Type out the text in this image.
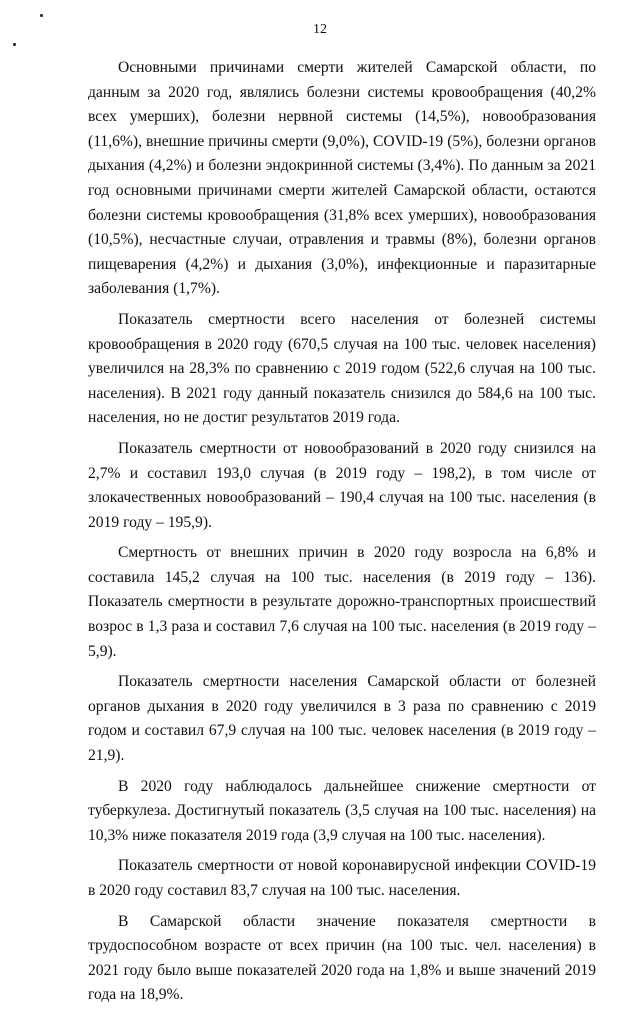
12

Основными причинами смерти жителей Самарской области, по данным за 2020 год, являлись болезни системы кровообращения (40,2% всех умерших), болезни нервной системы (14,5%), новообразования (11,6%), внешние причины смерти (9,0%), COVID-19 (5%), болезни органов дыхания (4,2%) и болезни эндокринной системы (3,4%). По данным за 2021 год основными причинами смерти жителей Самарской области, остаются болезни системы кровообращения (31,8% всех умерших), новообразования (10,5%), несчастные случаи, отравления и травмы (8%), болезни органов пищеварения (4,2%) и дыхания (3,0%), инфекционные и паразитарные заболевания (1,7%).

Показатель смертности всего населения от болезней системы кровообращения в 2020 году (670,5 случая на 100 тыс. человек населения) увеличился на 28,3% по сравнению с 2019 годом (522,6 случая на 100 тыс. населения). В 2021 году данный показатель снизился до 584,6 на 100 тыс. населения, но не достиг результатов 2019 года.

Показатель смертности от новообразований в 2020 году снизился на 2,7% и составил 193,0 случая (в 2019 году – 198,2), в том числе от злокачественных новообразований – 190,4 случая на 100 тыс. населения (в 2019 году – 195,9).

Смертность от внешних причин в 2020 году возросла на 6,8% и составила 145,2 случая на 100 тыс. населения (в 2019 году – 136). Показатель смертности в результате дорожно-транспортных происшествий возрос в 1,3 раза и составил 7,6 случая на 100 тыс. населения (в 2019 году – 5,9).

Показатель смертности населения Самарской области от болезней органов дыхания в 2020 году увеличился в 3 раза по сравнению с 2019 годом и составил 67,9 случая на 100 тыс. человек населения (в 2019 году –21,9).

В 2020 году наблюдалось дальнейшее снижение смертности от туберкулеза. Достигнутый показатель (3,5 случая на 100 тыс. населения) на 10,3% ниже показателя 2019 года (3,9 случая на 100 тыс. населения).

Показатель смертности от новой коронавирусной инфекции COVID-19 в 2020 году составил 83,7 случая на 100 тыс. населения.

В Самарской области значение показателя смертности в трудоспособном возрасте от всех причин (на 100 тыс. чел. населения) в 2021 году было выше показателей 2020 года на 1,8% и выше значений 2019 года на 18,9%.
